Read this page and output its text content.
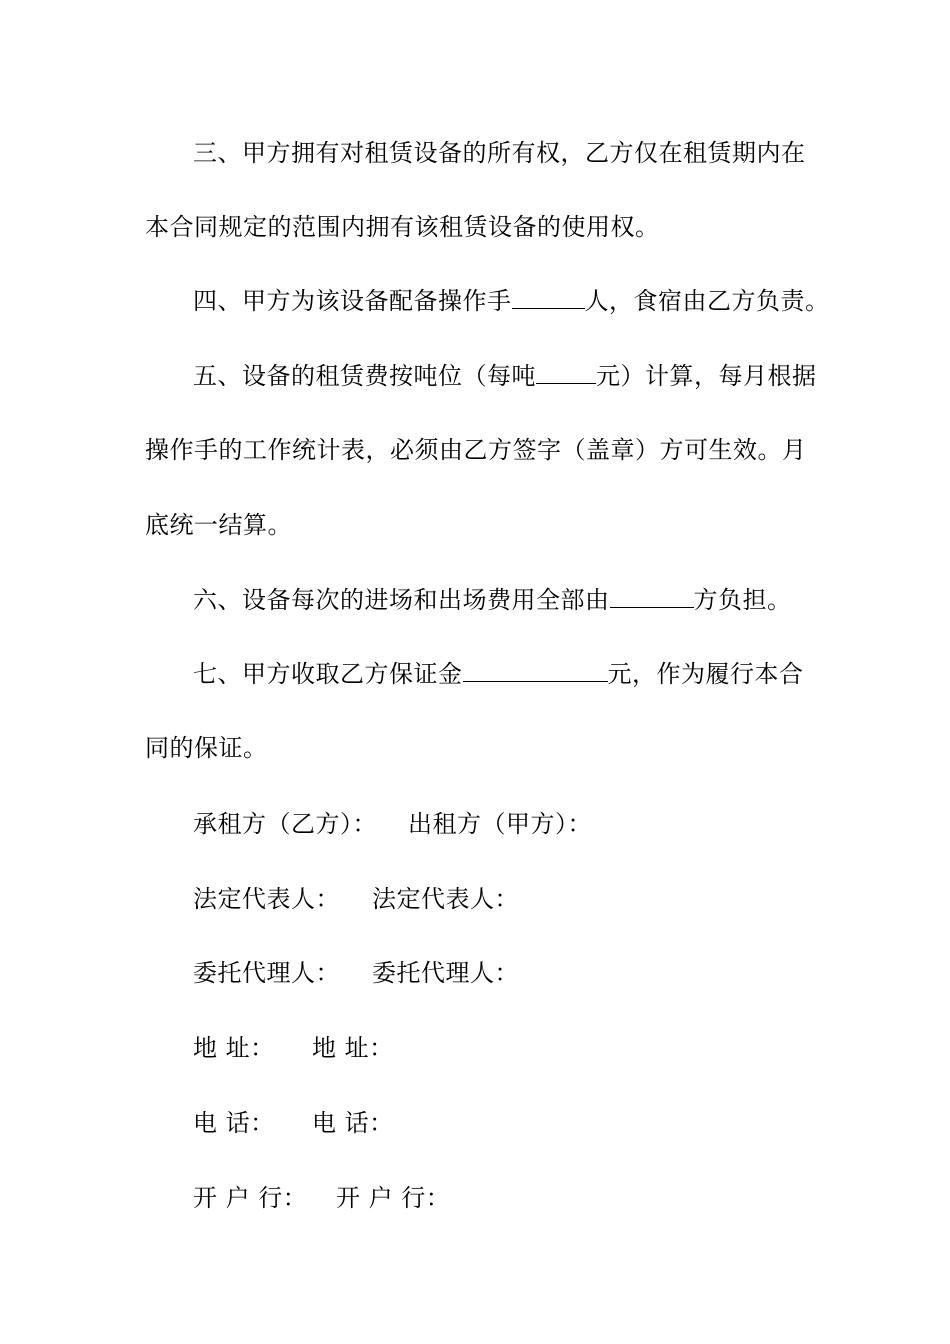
三、甲方拥有对租赁设备的所有权，乙方仅在租赁期内在
本合同规定的范围内拥有该租赁设备的使用权。
四、甲方为该设备配备操作手	人，食宿由乙方负责。
五、设备的租赁费按吨位（每吨	元）计算，每月根据
操作手的工作统计表，必须由乙方签字（盖章）方可生效。月
底统一结算。
六、设备每次的进场和出场费用全部由	方负担。
七、甲方收取乙方保证金	元，作为履行本合
同的保证。
承租方（乙方）： 出租方（甲方）：
法定代表人： 法定代表人：
委托代理人： 委托代理人：
地 址： 地 址：
电 话： 电 话：
开 户 行： 开 户 行：
